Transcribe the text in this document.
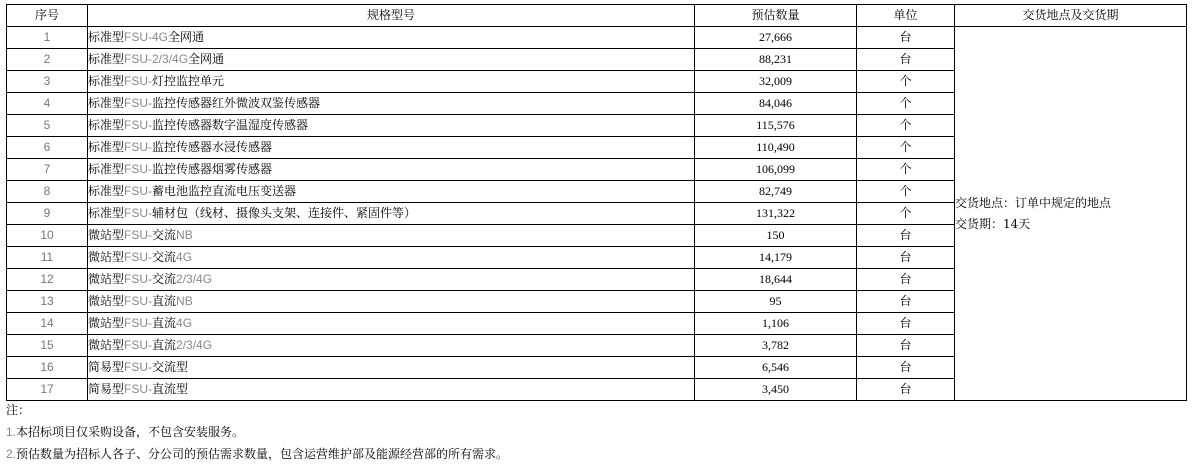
序号	规格型号	预估数量	单位	交货地点及交货期
1	标准型FSU-4G全网通	27,666	台	交货地点：订单中规定的地点
交货期：14天

2	标准型FSU-2/3/4G全网通	88,231	台	
3	标准型FSU-灯控监控单元	32,009	个	
4	标准型FSU-监控传感器红外微波双鉴传感器	84,046	个	
5	标准型FSU-监控传感器数字温湿度传感器	115,576	个	
6	标准型FSU-监控传感器水浸传感器	110,490	个	
7	标准型FSU-监控传感器烟雾传感器	106,099	个	
8	标准型FSU-蓄电池监控直流电压变送器	82,749	个	
9	标准型FSU-辅材包（线材、摄像头支架、连接件、紧固件等）	131,322	个	
10	微站型FSU-交流NB	150	台	
11	微站型FSU-交流4G	14,179	台	
12	微站型FSU-交流2/3/4G	18,644	台	
13	微站型FSU-直流NB	95	台	
14	微站型FSU-直流4G	1,106	台	
15	微站型FSU-直流2/3/4G	3,782	台	
16	简易型FSU-交流型	6,546	台	
17	简易型FSU-直流型	3,450	台	
注：
1.本招标项目仅采购设备，不包含安装服务。
2.预估数量为招标人各子、分公司的预估需求数量，包含运营维护部及能源经营部的所有需求。
